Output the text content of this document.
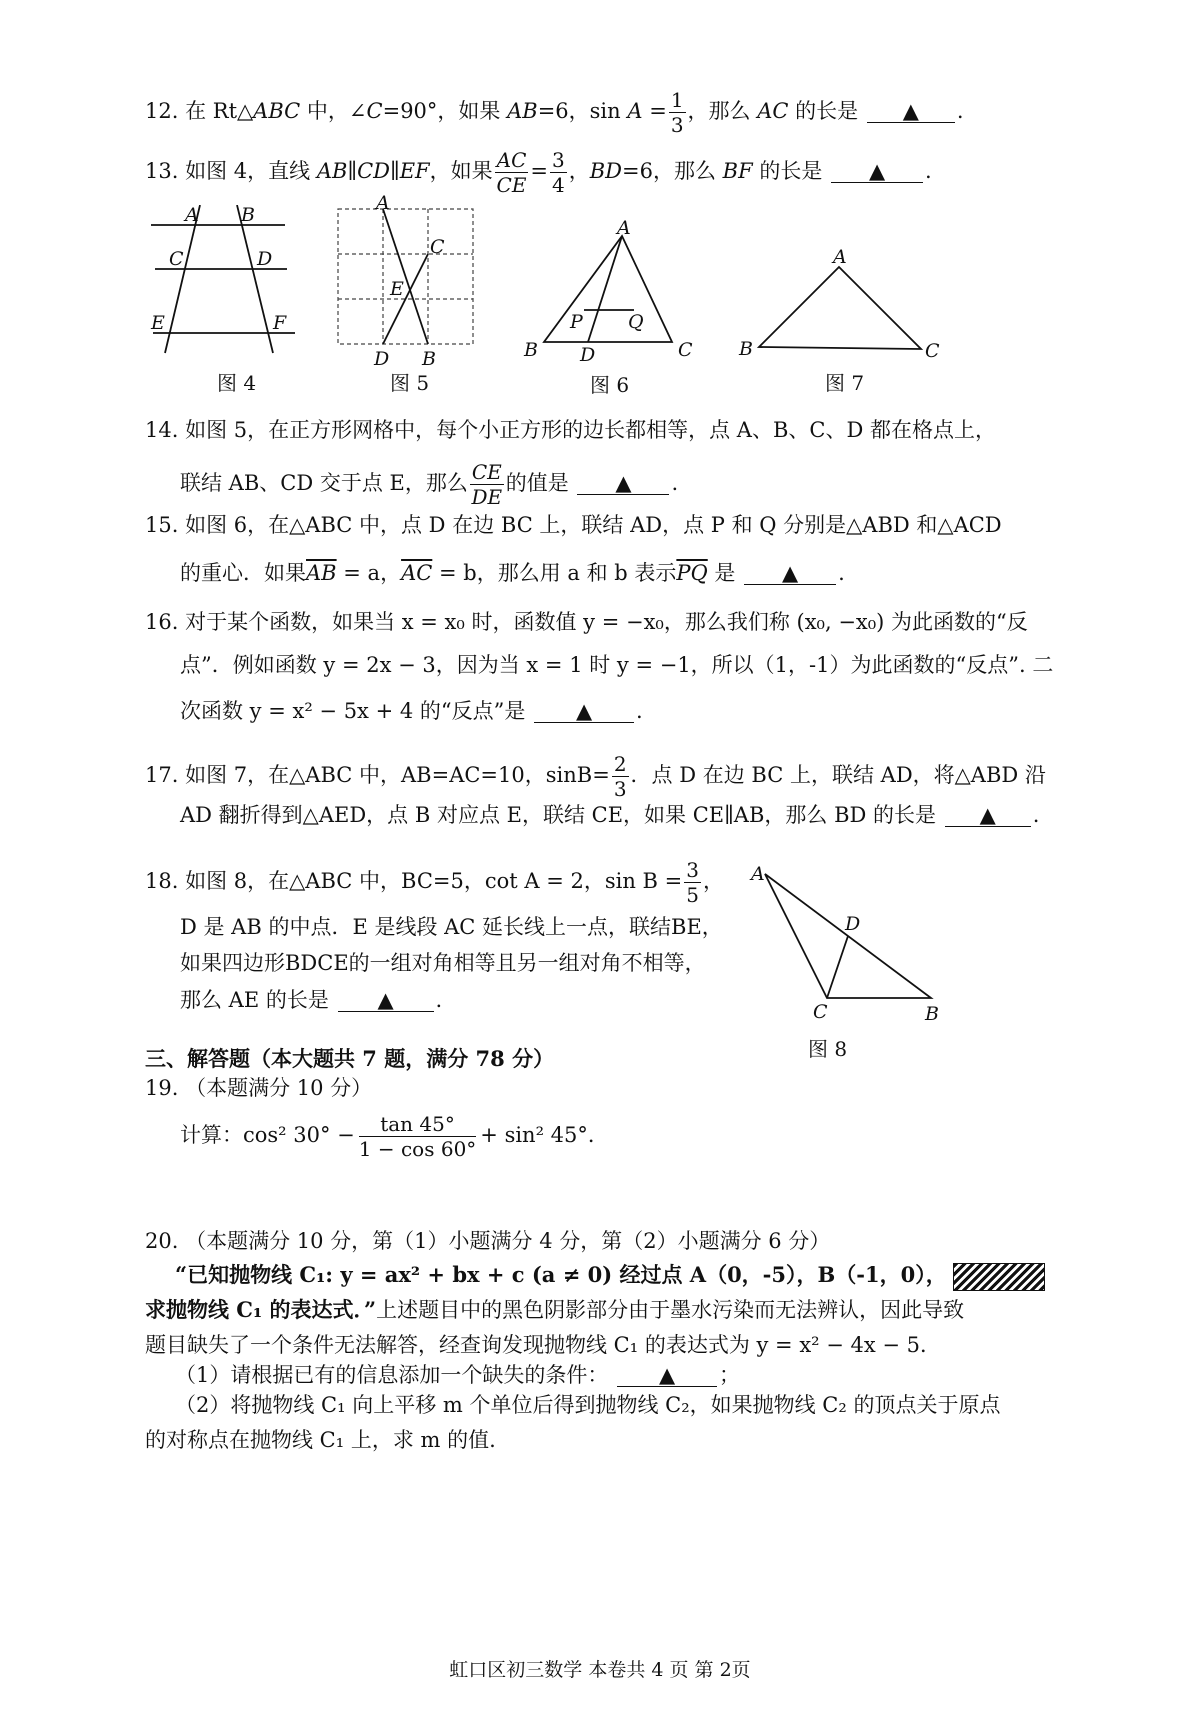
12. 在 Rt△ABC 中，∠C=90°，如果 AB=6，$\sin A = \frac{1}{3}$ ，那么 AC 的长是 ▲ .
13. 如图 4，直线 AB∥CD∥EF，如果 $\frac{AC}{CE} = \frac{3}{4}$ ，BD=6，那么 BF 的长是 ▲ .
A B
C	D
E	F
图 4
A
C
E
D B
图 5
A
P Q
B D	C
图 6
A
B	C
图 7
14. 如图 5，在正方形网格中，每个小正方形的边长都相等，点 A、B、C、D 都在格点上，
联结 AB、CD 交于点 E，那么 $\frac{CE}{DE}$ 的值是 ▲ .
15. 如图 6，在△ABC 中，点 D 在边 BC 上，联结 AD，点 P 和 Q 分别是△ABD 和△ACD
的重心．如果$\overline{AB} = a$，$\overline{AC} = b$，那么用 a 和 b 表示$\overline{PQ}$ 是 ▲ .
16. 对于某个函数，如果当 x = x₀ 时，函数值 y = −x₀，那么我们称 (x₀, −x₀) 为此函数的“反
点”．例如函数 y = 2x − 3，因为当 x = 1 时 y = −1，所以（1，-1）为此函数的“反点”. 二
次函数 y = x² − 5x + 4 的“反点”是 ▲ .
17. 如图 7，在△ABC 中，AB=AC=10，$\sin B= \frac{2}{3}$ ．点 D 在边 BC 上，联结 AD，将△ABD 沿
AD 翻折得到△AED，点 B 对应点 E，联结 CE，如果 CE∥AB，那么 BD 的长是 ▲ .
18. 如图 8，在△ABC 中，BC=5，cot A = 2，$\sin B = \frac{3}{5}$ ，
D 是 AB 的中点．E 是线段 AC 延长线上一点，联结BE，
如果四边形BDCE的一组对角相等且另一组对角不相等，
那么 AE 的长是 ▲ .
A
D
C	B
图 8
三、解答题（本大题共 7 题，满分 78 分）
19. （本题满分 10 分）
计算：cos² $30^\circ - \frac{\tan 45^\circ}{1 - \cos 60^\circ} + \sin^2$ 45°．
20. （本题满分 10 分，第（1）小题满分 4 分，第（2）小题满分 6 分）
“已知抛物线 C₁: y = ax² + bx + c (a ≠ 0) 经过点 A（0，-5），B（-1，0），
求抛物线 C₁ 的表达式．”上述题目中的黑色阴影部分由于墨水污染而无法辨认，因此导致
题目缺失了一个条件无法解答，经查询发现抛物线 C₁ 的表达式为 y = x² − 4x − 5．
（1）请根据已有的信息添加一个缺失的条件： ▲ ；
（2）将抛物线 C₁ 向上平移 m 个单位后得到抛物线 C₂，如果抛物线 C₂ 的顶点关于原点
的对称点在抛物线 C₁ 上，求 m 的值.
虹口区初三数学 本卷共 4 页 第 2页
